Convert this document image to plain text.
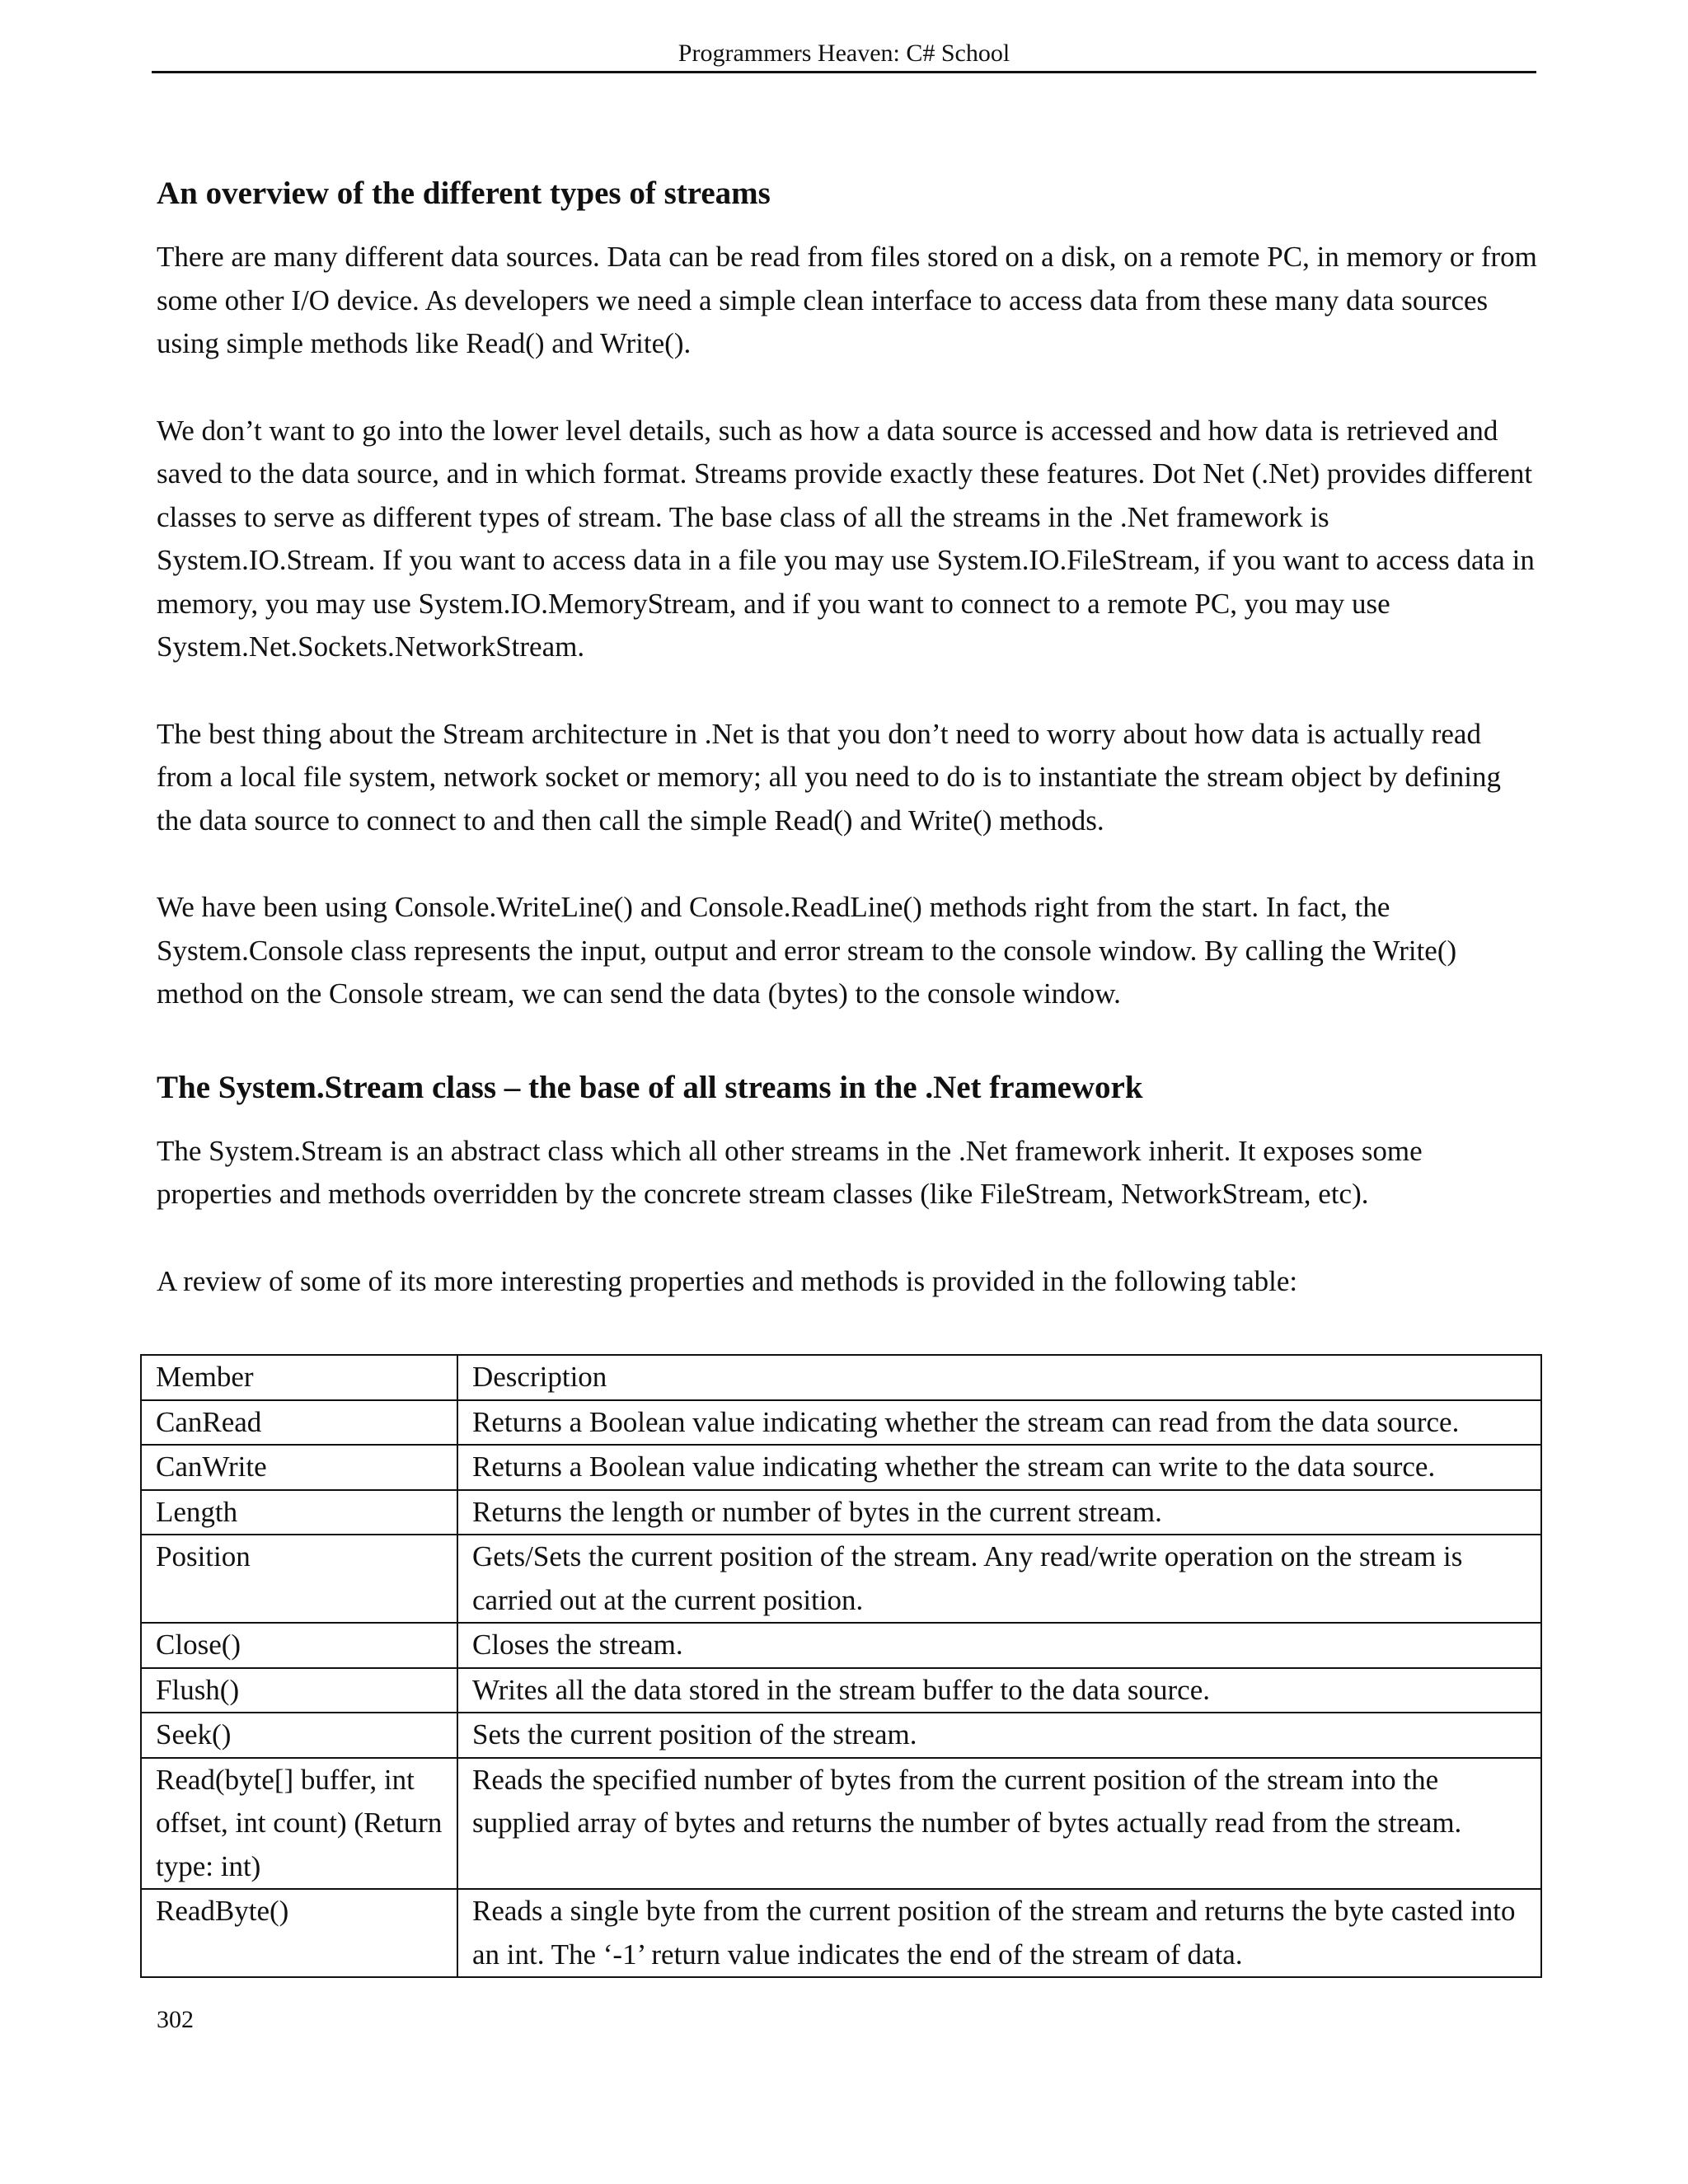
Programmers Heaven: C# School
An overview of the different types of streams

There are many different data sources. Data can be read from files stored on a disk, on a remote PC, in memory or from some other I/O device. As developers we need a simple clean interface to access data from these many data sources using simple methods like Read() and Write().

We don’t want to go into the lower level details, such as how a data source is accessed and how data is retrieved and saved to the data source, and in which format. Streams provide exactly these features. Dot Net (.Net) provides different classes to serve as different types of stream. The base class of all the streams in the .Net framework is System.IO.Stream. If you want to access data in a file you may use System.IO.FileStream, if you want to access data in memory, you may use System.IO.MemoryStream, and if you want to connect to a remote PC, you may use System.Net.Sockets.NetworkStream.

The best thing about the Stream architecture in .Net is that you don’t need to worry about how data is actually read from a local file system, network socket or memory; all you need to do is to instantiate the stream object by defining the data source to connect to and then call the simple Read() and Write() methods.

We have been using Console.WriteLine() and Console.ReadLine() methods right from the start. In fact, the System.Console class represents the input, output and error stream to the console window. By calling the Write() method on the Console stream, we can send the data (bytes) to the console window.

The System.Stream class – the base of all streams in the .Net framework

The System.Stream is an abstract class which all other streams in the .Net framework inherit. It exposes some properties and methods overridden by the concrete stream classes (like FileStream, NetworkStream, etc).

A review of some of its more interesting properties and methods is provided in the following table:

Member	Description
CanRead	Returns a Boolean value indicating whether the stream can read from the data source.
CanWrite	Returns a Boolean value indicating whether the stream can write to the data source.
Length	Returns the length or number of bytes in the current stream.
Position	Gets/Sets the current position of the stream. Any read/write operation on the stream is carried out at the current position.
Close()	Closes the stream.
Flush()	Writes all the data stored in the stream buffer to the data source.
Seek()	Sets the current position of the stream.
Read(byte[] buffer, int offset, int count) (Return type: int)	Reads the specified number of bytes from the current position of the stream into the supplied array of bytes and returns the number of bytes actually read from the stream.
ReadByte()	Reads a single byte from the current position of the stream and returns the byte casted into an int. The ‘-1’ return value indicates the end of the stream of data.
302
